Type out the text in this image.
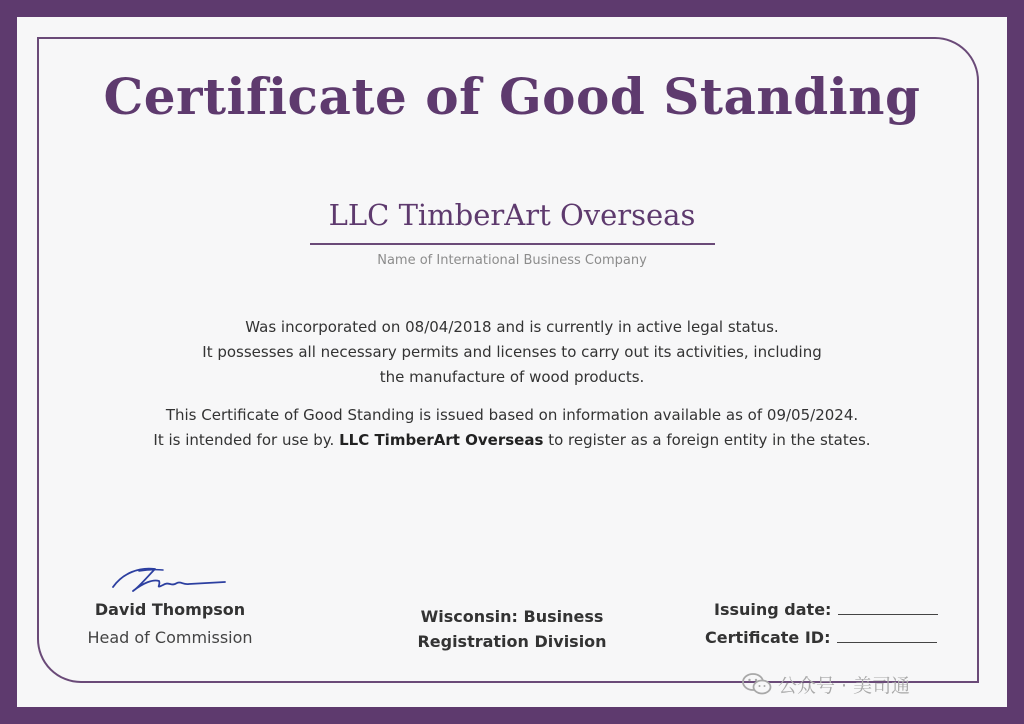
Certificate of Good Standing
LLC TimberArt Overseas
Name of International Business Company
Was incorporated on 08/04/2018 and is currently in active legal status.
It possesses all necessary permits and licenses to carry out its activities, including
the manufacture of wood products.
This Certificate of Good Standing is issued based on information available as of 09/05/2024.
It is intended for use by. LLC TimberArt Overseas to register as a foreign entity in the states.
David Thompson
Head of Commission
Wisconsin: Business
Registration Division
Issuing date:
Certificate ID:
公众号 · 美司通
